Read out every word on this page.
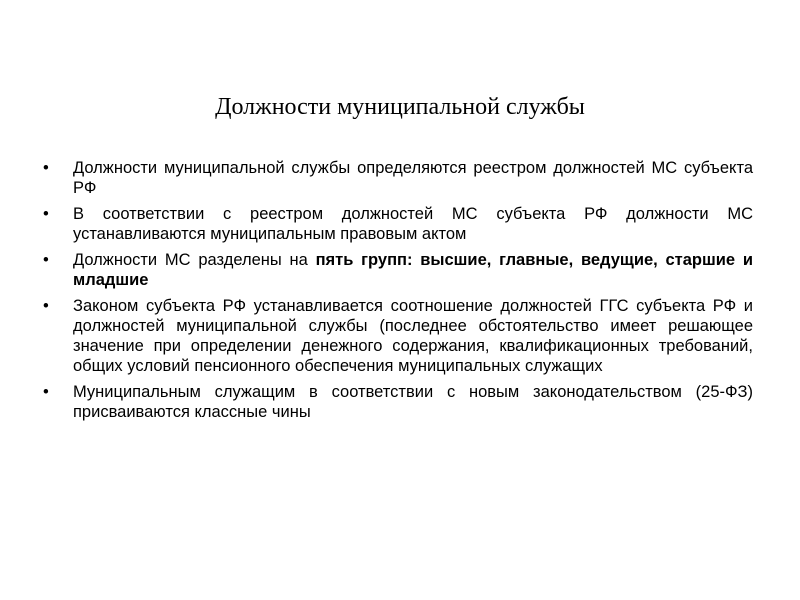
Должности муниципальной службы
•	Должности муниципальной службы определяются реестром должностей МС субъекта РФ
•	В соответствии с реестром должностей МС субъекта РФ должности МС устанавливаются муниципальным правовым актом
•	Должности МС разделены на пять групп: высшие, главные, ведущие, старшие и младшие
•	Законом субъекта РФ устанавливается соотношение должностей ГГС субъекта РФ и должностей муниципальной службы (последнее обстоятельство имеет решающее значение при определении денежного содержания, квалификационных требований, общих условий пенсионного обеспечения муниципальных служащих
•	Муниципальным служащим в соответствии с новым законодательством (25-ФЗ) присваиваются классные чины
